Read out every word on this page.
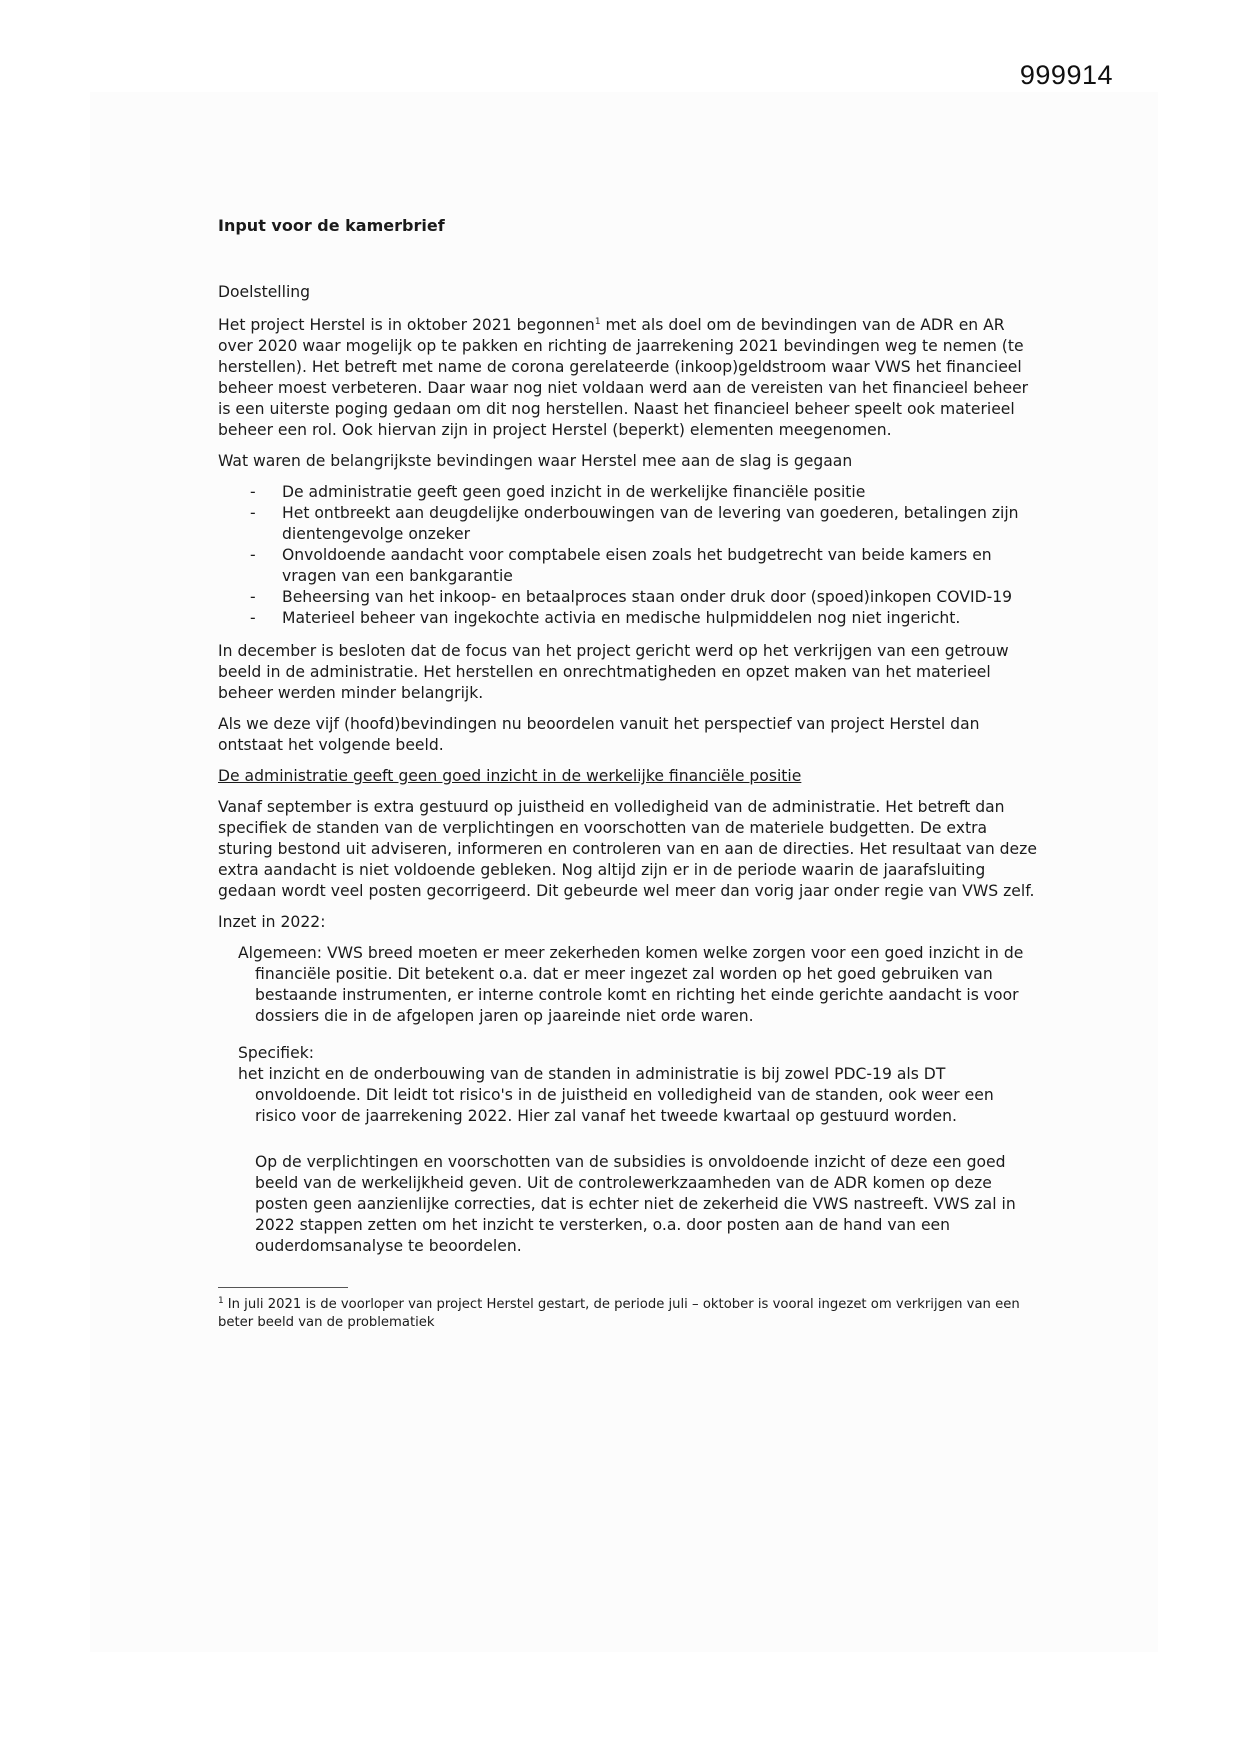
999914
Input voor de kamerbrief

Doelstelling

Het project Herstel is in oktober 2021 begonnen$^1$ met als doel om de bevindingen van de ADR en AR over 2020 waar mogelijk op te pakken en richting de jaarrekening 2021 bevindingen weg te nemen (te herstellen). Het betreft met name de corona gerelateerde (inkoop)geldstroom waar VWS het financieel beheer moest verbeteren. Daar waar nog niet voldaan werd aan de vereisten van het financieel beheer is een uiterste poging gedaan om dit nog herstellen. Naast het financieel beheer speelt ook materieel beheer een rol. Ook hiervan zijn in project Herstel (beperkt) elementen meegenomen.

Wat waren de belangrijkste bevindingen waar Herstel mee aan de slag is gegaan

- De administratie geeft geen goed inzicht in de werkelijke financiële positie
- Het ontbreekt aan deugdelijke onderbouwingen van de levering van goederen, betalingen zijn dientengevolge onzeker
- Onvoldoende aandacht voor comptabele eisen zoals het budgetrecht van beide kamers en vragen van een bankgarantie
- Beheersing van het inkoop- en betaalproces staan onder druk door (spoed)inkopen COVID-19
- Materieel beheer van ingekochte activia en medische hulpmiddelen nog niet ingericht.

In december is besloten dat de focus van het project gericht werd op het verkrijgen van een getrouw beeld in de administratie. Het herstellen en onrechtmatigheden en opzet maken van het materieel beheer werden minder belangrijk.

Als we deze vijf (hoofd)bevindingen nu beoordelen vanuit het perspectief van project Herstel dan ontstaat het volgende beeld.

De administratie geeft geen goed inzicht in de werkelijke financiële positie

Vanaf september is extra gestuurd op juistheid en volledigheid van de administratie. Het betreft dan specifiek de standen van de verplichtingen en voorschotten van de materiele budgetten. De extra sturing bestond uit adviseren, informeren en controleren van en aan de directies. Het resultaat van deze extra aandacht is niet voldoende gebleken. Nog altijd zijn er in de periode waarin de jaarafsluiting gedaan wordt veel posten gecorrigeerd. Dit gebeurde wel meer dan vorig jaar onder regie van VWS zelf.

Inzet in 2022:

Algemeen: VWS breed moeten er meer zekerheden komen welke zorgen voor een goed inzicht in de financiële positie. Dit betekent o.a. dat er meer ingezet zal worden op het goed gebruiken van bestaande instrumenten, er interne controle komt en richting het einde gerichte aandacht is voor dossiers die in de afgelopen jaren op jaareinde niet orde waren.

Specifiek:

het inzicht en de onderbouwing van de standen in administratie is bij zowel PDC-19 als DT onvoldoende. Dit leidt tot risico's in de juistheid en volledigheid van de standen, ook weer een risico voor de jaarrekening 2022. Hier zal vanaf het tweede kwartaal op gestuurd worden.

Op de verplichtingen en voorschotten van de subsidies is onvoldoende inzicht of deze een goed beeld van de werkelijkheid geven. Uit de controlewerkzaamheden van de ADR komen op deze posten geen aanzienlijke correcties, dat is echter niet de zekerheid die VWS nastreeft. VWS zal in 2022 stappen zetten om het inzicht te versterken, o.a. door posten aan de hand van een ouderdomsanalyse te beoordelen.

$^1$ In juli 2021 is de voorloper van project Herstel gestart, de periode juli – oktober is vooral ingezet om verkrijgen van een beter beeld van de problematiek
